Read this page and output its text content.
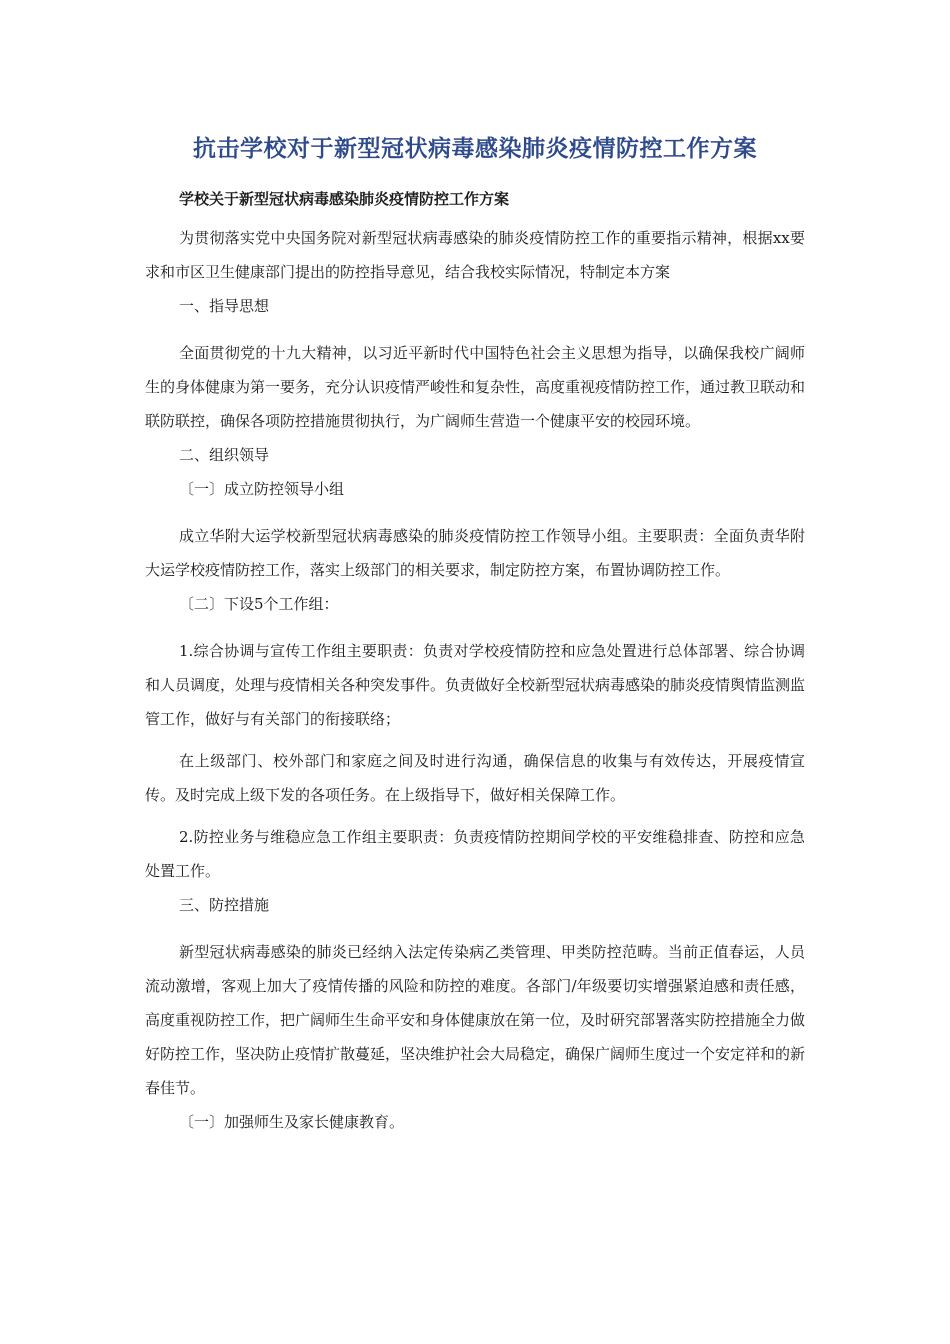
抗击学校对于新型冠状病毒感染肺炎疫情防控工作方案
学校关于新型冠状病毒感染肺炎疫情防控工作方案

为贯彻落实党中央国务院对新型冠状病毒感染的肺炎疫情防控工作的重要指示精神，根据xx要求和市区卫生健康部门提出的防控指导意见，结合我校实际情况，特制定本方案

一、指导思想

全面贯彻党的十九大精神，以习近平新时代中国特色社会主义思想为指导，以确保我校广阔师生的身体健康为第一要务，充分认识疫情严峻性和复杂性，高度重视疫情防控工作，通过教卫联动和联防联控，确保各项防控措施贯彻执行，为广阔师生营造一个健康平安的校园环境。

二、组织领导

〔一〕成立防控领导小组

成立华附大运学校新型冠状病毒感染的肺炎疫情防控工作领导小组。主要职责：全面负责华附大运学校疫情防控工作，落实上级部门的相关要求，制定防控方案，布置协调防控工作。

〔二〕下设5个工作组：

1.综合协调与宣传工作组主要职责：负责对学校疫情防控和应急处置进行总体部署、综合协调和人员调度，处理与疫情相关各种突发事件。负责做好全校新型冠状病毒感染的肺炎疫情舆情监测监管工作，做好与有关部门的衔接联络；

在上级部门、校外部门和家庭之间及时进行沟通，确保信息的收集与有效传达，开展疫情宣传。及时完成上级下发的各项任务。在上级指导下，做好相关保障工作。

2.防控业务与维稳应急工作组主要职责：负责疫情防控期间学校的平安维稳排查、防控和应急处置工作。

三、防控措施

新型冠状病毒感染的肺炎已经纳入法定传染病乙类管理、甲类防控范畴。当前正值春运，人员流动激增，客观上加大了疫情传播的风险和防控的难度。各部门/年级要切实增强紧迫感和责任感，高度重视防控工作，把广阔师生生命平安和身体健康放在第一位，及时研究部署落实防控措施全力做好防控工作，坚决防止疫情扩散蔓延，坚决维护社会大局稳定，确保广阔师生度过一个安定祥和的新春佳节。

〔一〕加强师生及家长健康教育。
